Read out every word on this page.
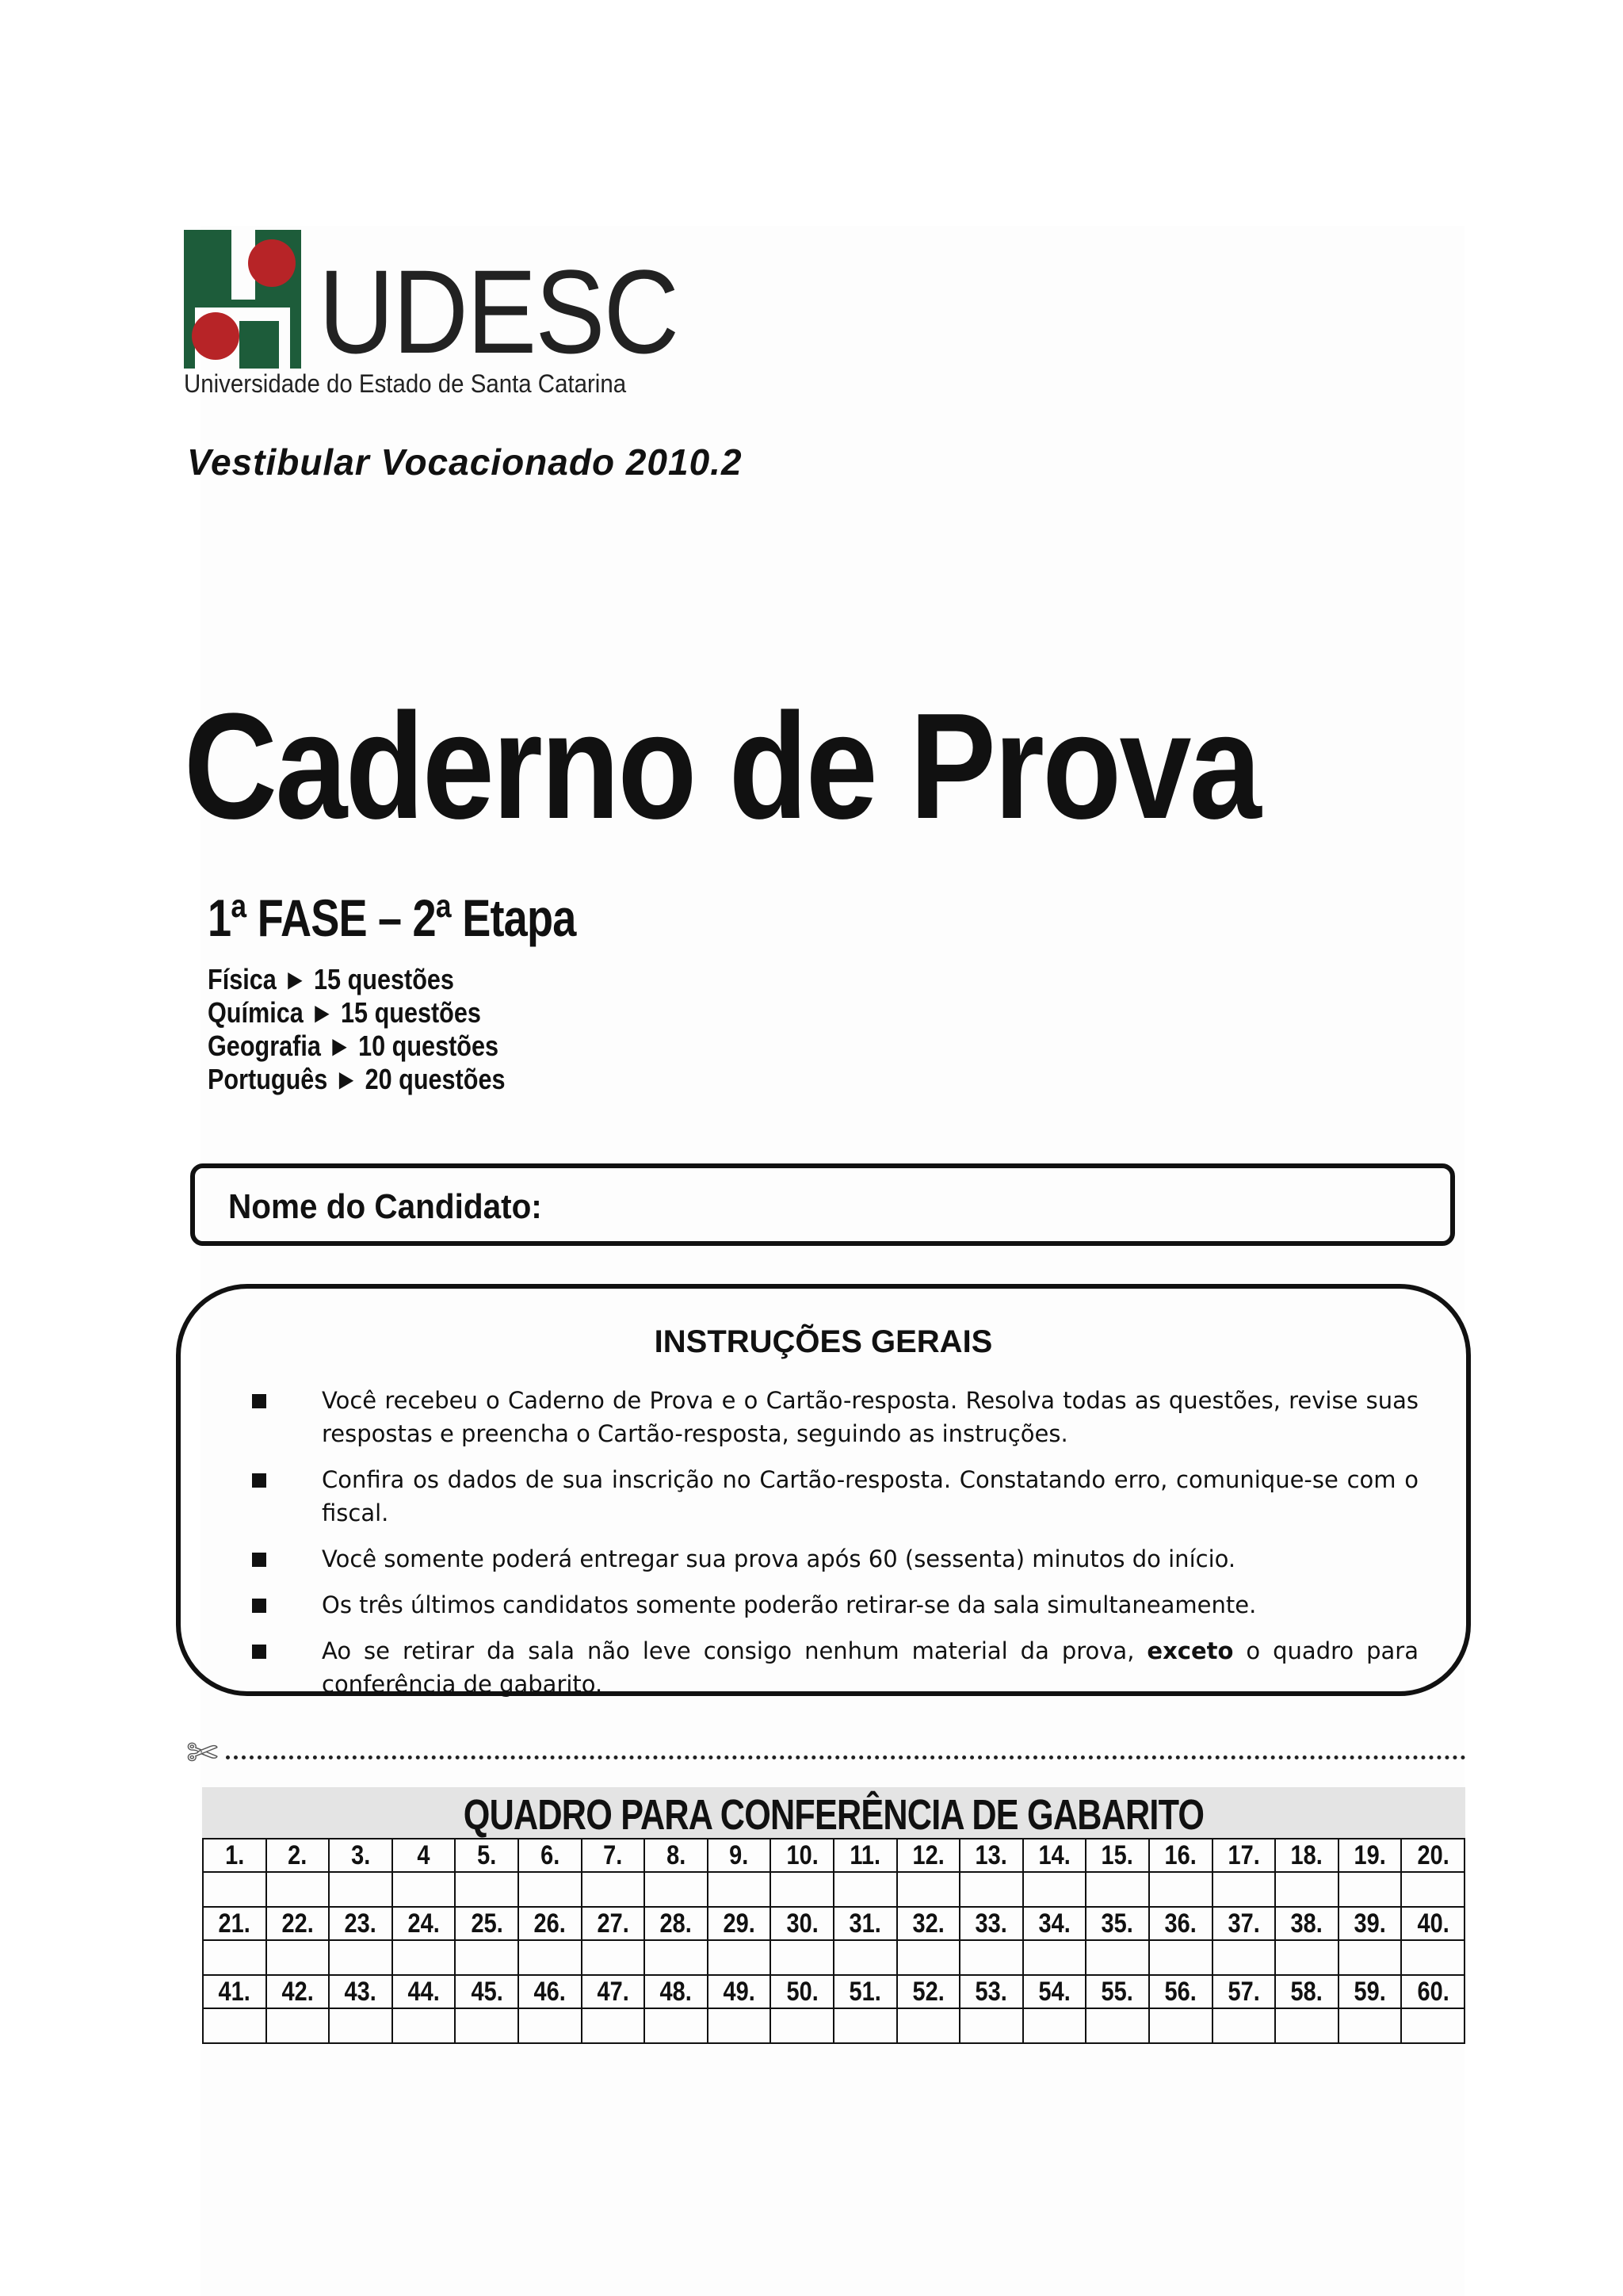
UDESC
Universidade do Estado de Santa Catarina
Vestibular Vocacionado 2010.2
Caderno de Prova
1ª FASE – 2ª Etapa
Física ► 15 questões
Química ► 15 questões
Geografia ► 10 questões
Português ► 20 questões
Nome do Candidato:
INSTRUÇÕES GERAIS
Você recebeu o Caderno de Prova e o Cartão-resposta. Resolva todas as questões, revise suas respostas e preencha o Cartão-resposta, seguindo as instruções.
Confira os dados de sua inscrição no Cartão-resposta. Constatando erro, comunique-se com o fiscal.
Você somente poderá entregar sua prova após 60 (sessenta) minutos do início.
Os três últimos candidatos somente poderão retirar-se da sala simultaneamente.
Ao se retirar da sala não leve consigo nenhum material da prova, exceto o quadro para conferência de gabarito.
✄
QUADRO PARA CONFERÊNCIA DE GABARITO
1.	2.	3.	4	5.	6.	7.	8.	9.	10.	11.	12.	13.	14.	15.	16.	17.	18.	19.	20.

21.	22.	23.	24.	25.	26.	27.	28.	29.	30.	31.	32.	33.	34.	35.	36.	37.	38.	39.	40.

41.	42.	43.	44.	45.	46.	47.	48.	49.	50.	51.	52.	53.	54.	55.	56.	57.	58.	59.	60.
